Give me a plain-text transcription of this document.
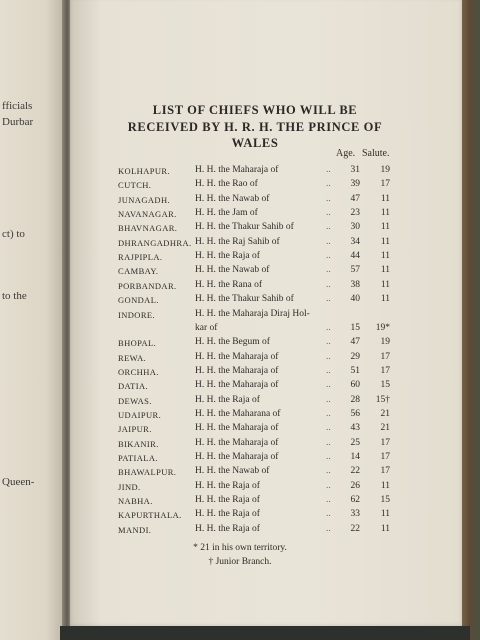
fficials
Durbar
ct) to
to the
Queen-
LIST OF CHIEFS WHO WILL BE
RECEIVED BY H. R. H. THE PRINCE OF
WALES
Age. Salute.
KOLHAPUR.	H. H. the Maharaja of	31	19
..
CUTCH.	H. H. the Rao of	39	17
..
JUNAGADH.	H. H. the Nawab of	47	11
..
NAVANAGAR. H. H. the Jam of	23	11
..
BHAVNAGAR. H. H. the Thakur Sahib of	30	11
..
DHRANGADHRA. H. H. the Raj Sahib of	34	11
..
RAJPIPLA.	H. H. the Raja of	44	11
..
CAMBAY.	H. H. the Nawab of	57	11
..
PORBANDAR. H. H. the Rana of	38	11
..
GONDAL.	H. H. the Thakur Sahib of	40	11
..
INDORE.	H. H. the Maharaja Diraj Hol-
kar of	15	19*
..
BHOPAL.	H. H. the Begum of	47	19
..
REWA.	H. H. the Maharaja of	29	17
..
ORCHHA.	H. H. the Maharaja of	51	17
..
DATIA.	H. H. the Maharaja of	60	15
..
DEWAS.	H. H. the Raja of	28	15†
..
UDAIPUR.	H. H. the Maharana of	56	21
..
JAIPUR.	H. H. the Maharaja of	43	21
..
BIKANIR.	H. H. the Maharaja of	25	17
..
PATIALA.	H. H. the Maharaja of	14	17
..
BHAWALPUR. H. H. the Nawab of	22	17
..
JIND.	H. H. the Raja of	26	11
..
NABHA.	H. H. the Raja of	62	15
..
KAPURTHALA. H. H. the Raja of	33	11
..
MANDI.	H. H. the Raja of	22	11
..
* 21 in his own territory.
† Junior Branch.
